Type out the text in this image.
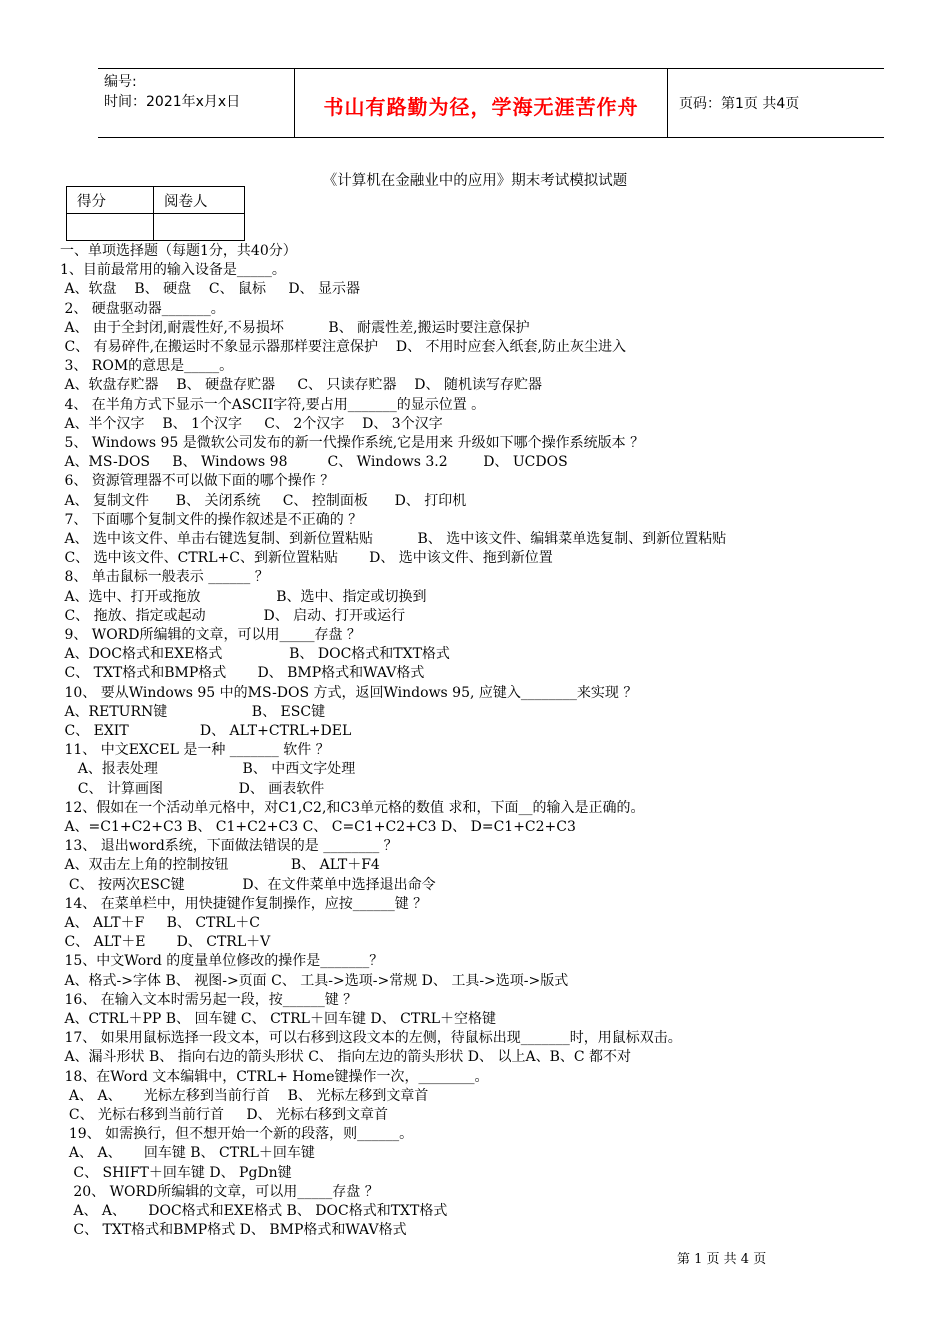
编号:
时间：2021年x月x日	书山有路勤为径，学海无涯苦作舟	页码：第1页 共4页
《计算机在金融业中的应用》期末考试模拟试题
得分	阅卷人

一、单项选择题（每题1分，共40分）
1、目前最常用的输入设备是_____。
A、软盘    B、 硬盘    C、 鼠标     D、 显示器
2、 硬盘驱动器_______。
A、 由于全封闭,耐震性好,不易损坏          B、 耐震性差,搬运时要注意保护
C、 有易碎件,在搬运时不象显示器那样要注意保护    D、 不用时应套入纸套,防止灰尘进入
3、 ROM的意思是_____。
A、软盘存贮器    B、 硬盘存贮器     C、 只读存贮器    D、 随机读写存贮器
4、 在半角方式下显示一个ASCII字符,要占用_______的显示位置 。
A、半个汉字    B、 1个汉字     C、 2个汉字    D、 3个汉字
5、 Windows 95 是微软公司发布的新一代操作系统,它是用来 升级如下哪个操作系统版本 ？
A、MS-DOS     B、 Windows 98         C、 Windows 3.2        D、 UCDOS
6、 资源管理器不可以做下面的哪个操作 ？
A、 复制文件      B、 关闭系统     C、 控制面板      D、 打印机
7、 下面哪个复制文件的操作叙述是不正确的 ？
A、 选中该文件、单击右键选复制、到新位置粘贴          B、 选中该文件、编辑菜单选复制、到新位置粘贴
C、 选中该文件、CTRL+C、到新位置粘贴       D、 选中该文件、拖到新位置
8、 单击鼠标一般表示 ______ ？
A、选中、打开或拖放                 B、选中、指定或切换到
C、 拖放、指定或起动             D、 启动、打开或运行
9、 WORD所编辑的文章，可以用_____存盘 ？
A、DOC格式和EXE格式               B、 DOC格式和TXT格式
C、 TXT格式和BMP格式       D、 BMP格式和WAV格式
10、 要从Windows 95 中的MS-DOS 方式，返回Windows 95, 应键入________来实现 ？
A、RETURN键                   B、 ESC键
C、 EXIT                D、 ALT+CTRL+DEL
11、 中文EXCEL 是一种 _______ 软件 ？
A、报表处理                   B、 中西文字处理
C、 计算画图                 D、 画表软件
12、假如在一个活动单元格中，对C1,C2,和C3单元格的数值 求和，下面__的输入是正确的。
A、=C1+C2+C3 B、 C1+C2+C3 C、 C=C1+C2+C3 D、 D=C1+C2+C3
13、 退出word系统，下面做法错误的是 ________ ？
A、双击左上角的控制按钮              B、 ALT＋F4
C、 按两次ESC键             D、在文件菜单中选择退出命令
14、 在菜单栏中，用快捷键作复制操作，应按______键 ？
A、 ALT＋F     B、 CTRL＋C
C、 ALT＋E       D、 CTRL＋V
15、中文Word 的度量单位修改的操作是_______？
A、格式->字体 B、 视图->页面 C、 工具->选项->常规 D、 工具->选项->版式
16、 在输入文本时需另起一段，按______键 ？
A、CTRL＋PP B、 回车键 C、 CTRL＋回车键 D、 CTRL＋空格键
17、 如果用鼠标选择一段文本，可以右移到这段文本的左侧，待鼠标出现_______时，用鼠标双击。
A、漏斗形状 B、 指向右边的箭头形状 C、 指向左边的箭头形状 D、 以上A、B、C 都不对
18、在Word 文本编辑中，CTRL+ Home键操作一次，________。
A、 A、     光标左移到当前行首    B、 光标左移到文章首
C、 光标右移到当前行首     D、 光标右移到文章首
19、 如需换行，但不想开始一个新的段落，则______。
A、 A、     回车键 B、 CTRL＋回车键
C、 SHIFT＋回车键 D、 PgDn键
20、 WORD所编辑的文章，可以用_____存盘 ？
A、 A、     DOC格式和EXE格式 B、 DOC格式和TXT格式
C、 TXT格式和BMP格式 D、 BMP格式和WAV格式
第 1 页 共 4 页
